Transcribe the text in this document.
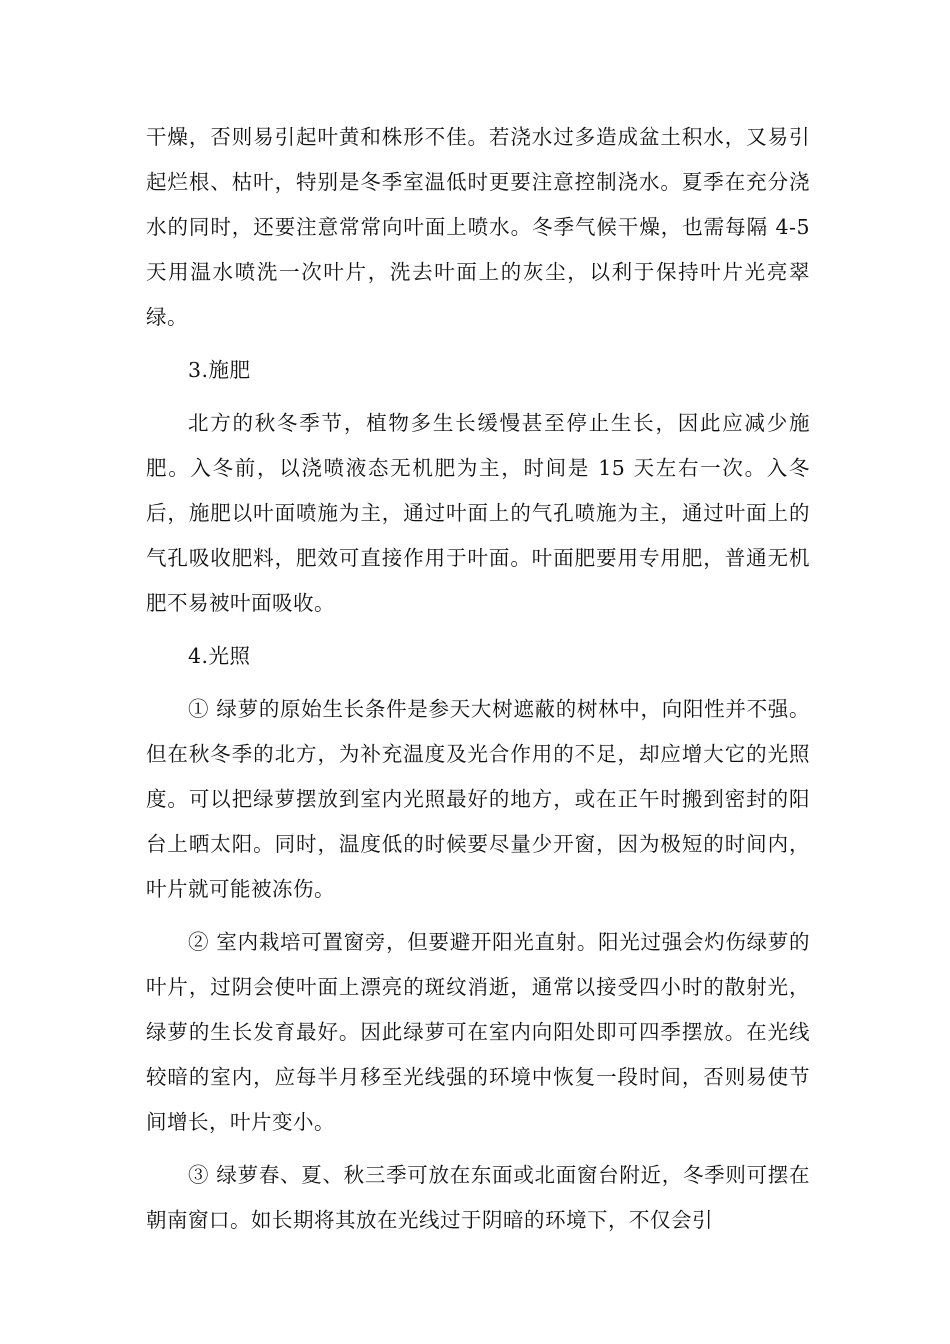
干燥，否则易引起叶黄和株形不佳。若浇水过多造成盆土积水，又易引起烂根、枯叶，特别是冬季室温低时更要注意控制浇水。夏季在充分浇水的同时，还要注意常常向叶面上喷水。冬季气候干燥，也需每隔 4-5 天用温水喷洗一次叶片，洗去叶面上的灰尘，以利于保持叶片光亮翠绿。

3.施肥

北方的秋冬季节，植物多生长缓慢甚至停止生长，因此应减少施肥。入冬前，以浇喷液态无机肥为主，时间是 15 天左右一次。入冬后，施肥以叶面喷施为主，通过叶面上的气孔喷施为主，通过叶面上的气孔吸收肥料，肥效可直接作用于叶面。叶面肥要用专用肥，普通无机肥不易被叶面吸收。

4.光照

① 绿萝的原始生长条件是参天大树遮蔽的树林中，向阳性并不强。但在秋冬季的北方，为补充温度及光合作用的不足，却应增大它的光照度。可以把绿萝摆放到室内光照最好的地方，或在正午时搬到密封的阳台上晒太阳。同时，温度低的时候要尽量少开窗，因为极短的时间内，叶片就可能被冻伤。

② 室内栽培可置窗旁，但要避开阳光直射。阳光过强会灼伤绿萝的叶片，过阴会使叶面上漂亮的斑纹消逝，通常以接受四小时的散射光，绿萝的生长发育最好。因此绿萝可在室内向阳处即可四季摆放。在光线较暗的室内，应每半月移至光线强的环境中恢复一段时间，否则易使节间增长，叶片变小。

③ 绿萝春、夏、秋三季可放在东面或北面窗台附近，冬季则可摆在朝南窗口。如长期将其放在光线过于阴暗的环境下，不仅会引
